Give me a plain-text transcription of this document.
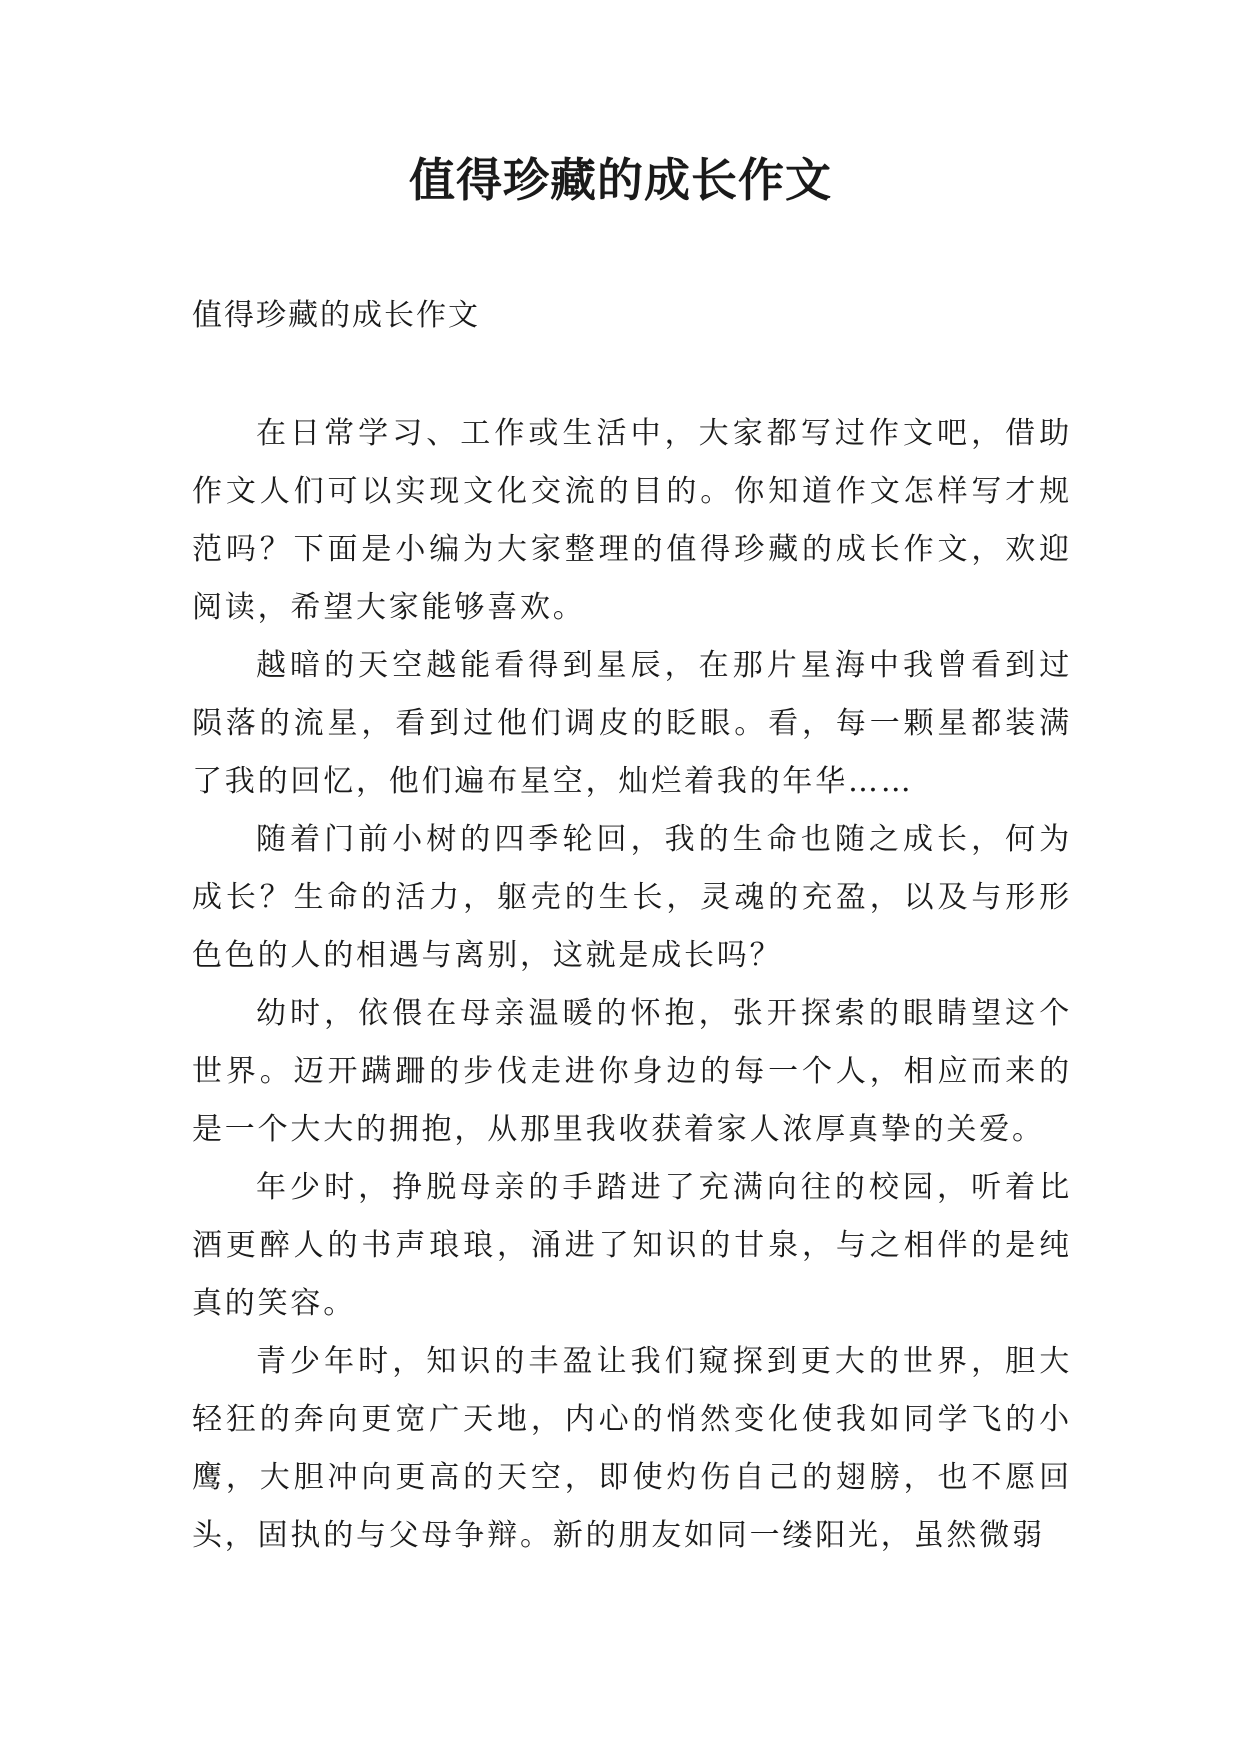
值得珍藏的成长作文
值得珍藏的成长作文

在日常学习、工作或生活中，大家都写过作文吧，借助作文人们可以实现文化交流的目的。你知道作文怎样写才规范吗？下面是小编为大家整理的值得珍藏的成长作文，欢迎阅读，希望大家能够喜欢。

越暗的天空越能看得到星辰，在那片星海中我曾看到过陨落的流星，看到过他们调皮的眨眼。看，每一颗星都装满了我的回忆，他们遍布星空，灿烂着我的年华……

随着门前小树的四季轮回，我的生命也随之成长，何为成长？生命的活力，躯壳的生长，灵魂的充盈，以及与形形色色的人的相遇与离别，这就是成长吗？

幼时，依偎在母亲温暖的怀抱，张开探索的眼睛望这个世界。迈开蹒跚的步伐走进你身边的每一个人，相应而来的是一个大大的拥抱，从那里我收获着家人浓厚真挚的关爱。

年少时，挣脱母亲的手踏进了充满向往的校园，听着比酒更醉人的书声琅琅，涌进了知识的甘泉，与之相伴的是纯真的笑容。

青少年时，知识的丰盈让我们窥探到更大的世界，胆大轻狂的奔向更宽广天地，内心的悄然变化使我如同学飞的小鹰，大胆冲向更高的天空，即使灼伤自己的翅膀，也不愿回头，固执的与父母争辩。新的朋友如同一缕阳光，虽然微弱
